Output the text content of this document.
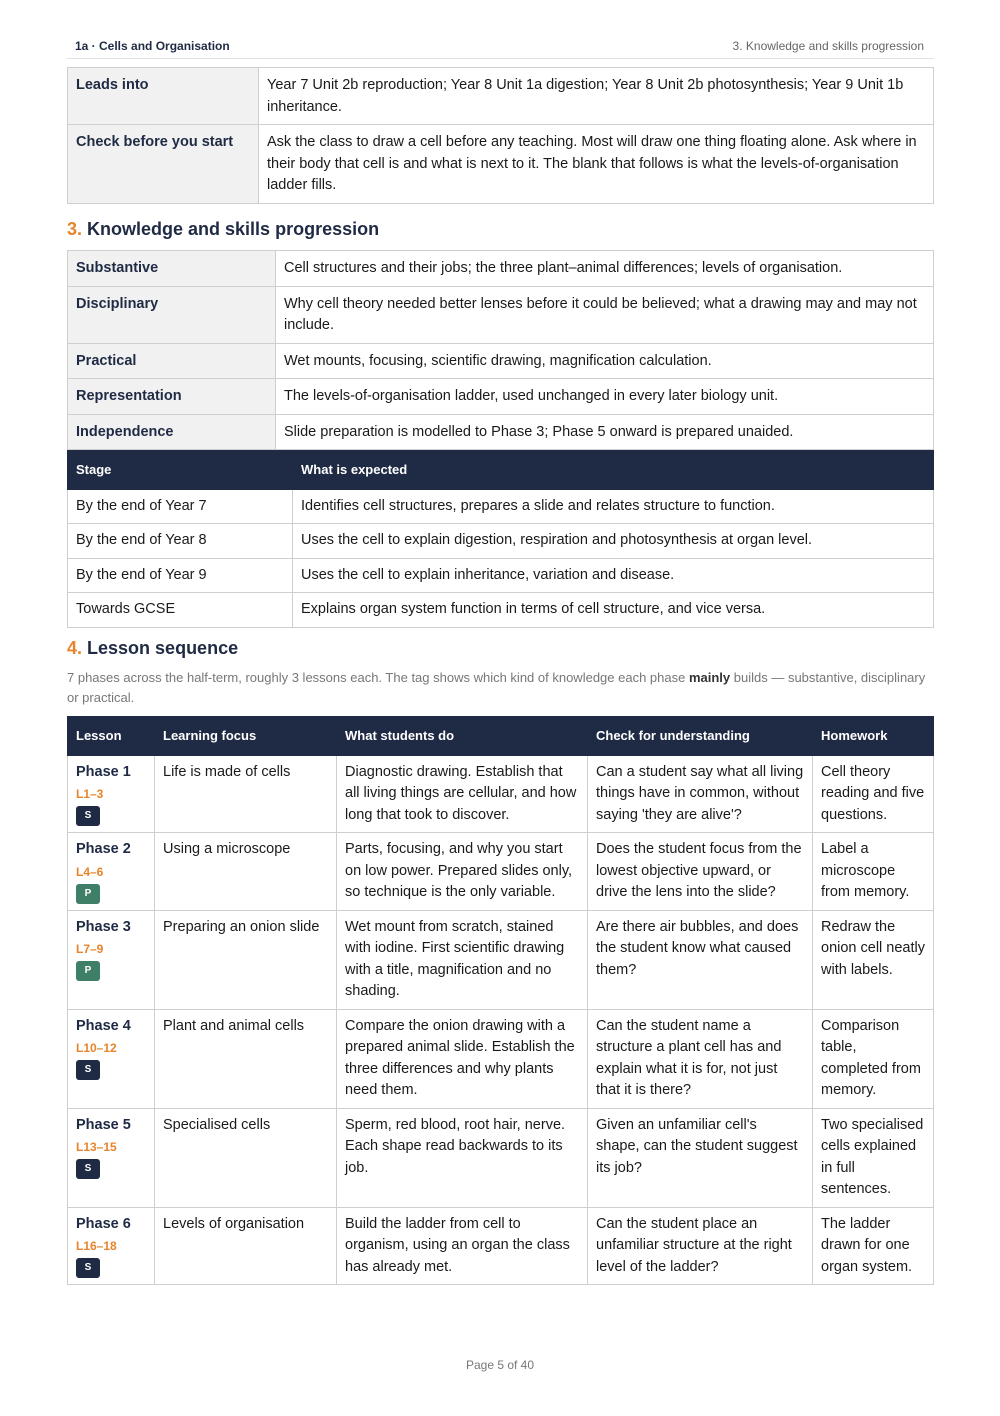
1a · Cells and Organisation	3. Knowledge and skills progression
Leads into	Year 7 Unit 2b reproduction; Year 8 Unit 1a digestion; Year 8 Unit 2b photosynthesis; Year 9 Unit 1b inheritance.
Check before you start	Ask the class to draw a cell before any teaching. Most will draw one thing floating alone. Ask where in their body that cell is and what is next to it. The blank that follows is what the levels-of-organisation ladder fills.
3. Knowledge and skills progression
Substantive	Cell structures and their jobs; the three plant–animal differences; levels of organisation.
Disciplinary	Why cell theory needed better lenses before it could be believed; what a drawing may and may not include.
Practical	Wet mounts, focusing, scientific drawing, magnification calculation.
Representation	The levels-of-organisation ladder, used unchanged in every later biology unit.
Independence	Slide preparation is modelled to Phase 3; Phase 5 onward is prepared unaided.
Stage	What is expected
By the end of Year 7	Identifies cell structures, prepares a slide and relates structure to function.
By the end of Year 8	Uses the cell to explain digestion, respiration and photosynthesis at organ level.
By the end of Year 9	Uses the cell to explain inheritance, variation and disease.
Towards GCSE	Explains organ system function in terms of cell structure, and vice versa.
4. Lesson sequence

7 phases across the half-term, roughly 3 lessons each. The tag shows which kind of knowledge each phase mainly builds — substantive, disciplinary or practical.

Lesson	Learning focus	What students do	Check for understanding	Homework

Phase 1
L1–3
S	Life is made of cells	Diagnostic drawing. Establish that all living things are cellular, and how long that took to discover.	Can a student say what all living things have in common, without saying 'they are alive'?	Cell theory reading and five questions.

Phase 2
L4–6
P	Using a microscope	Parts, focusing, and why you start on low power. Prepared slides only, so technique is the only variable.	Does the student focus from the lowest objective upward, or drive the lens into the slide?	Label a microscope from memory.

Phase 3
L7–9
P	Preparing an onion slide	Wet mount from scratch, stained with iodine. First scientific drawing with a title, magnification and no shading.	Are there air bubbles, and does the student know what caused them?	Redraw the onion cell neatly with labels.

Phase 4
L10–12
S	Plant and animal cells	Compare the onion drawing with a prepared animal slide. Establish the three differences and why plants need them.	Can the student name a structure a plant cell has and explain what it is for, not just that it is there?	Comparison table, completed from memory.

Phase 5
L13–15
S	Specialised cells	Sperm, red blood, root hair, nerve. Each shape read backwards to its job.	Given an unfamiliar cell's shape, can the student suggest its job?	Two specialised cells explained in full sentences.

Phase 6
L16–18
S	Levels of organisation	Build the ladder from cell to organism, using an organ the class has already met.	Can the student place an unfamiliar structure at the right level of the ladder?	The ladder drawn for one organ system.
Page 5 of 40
